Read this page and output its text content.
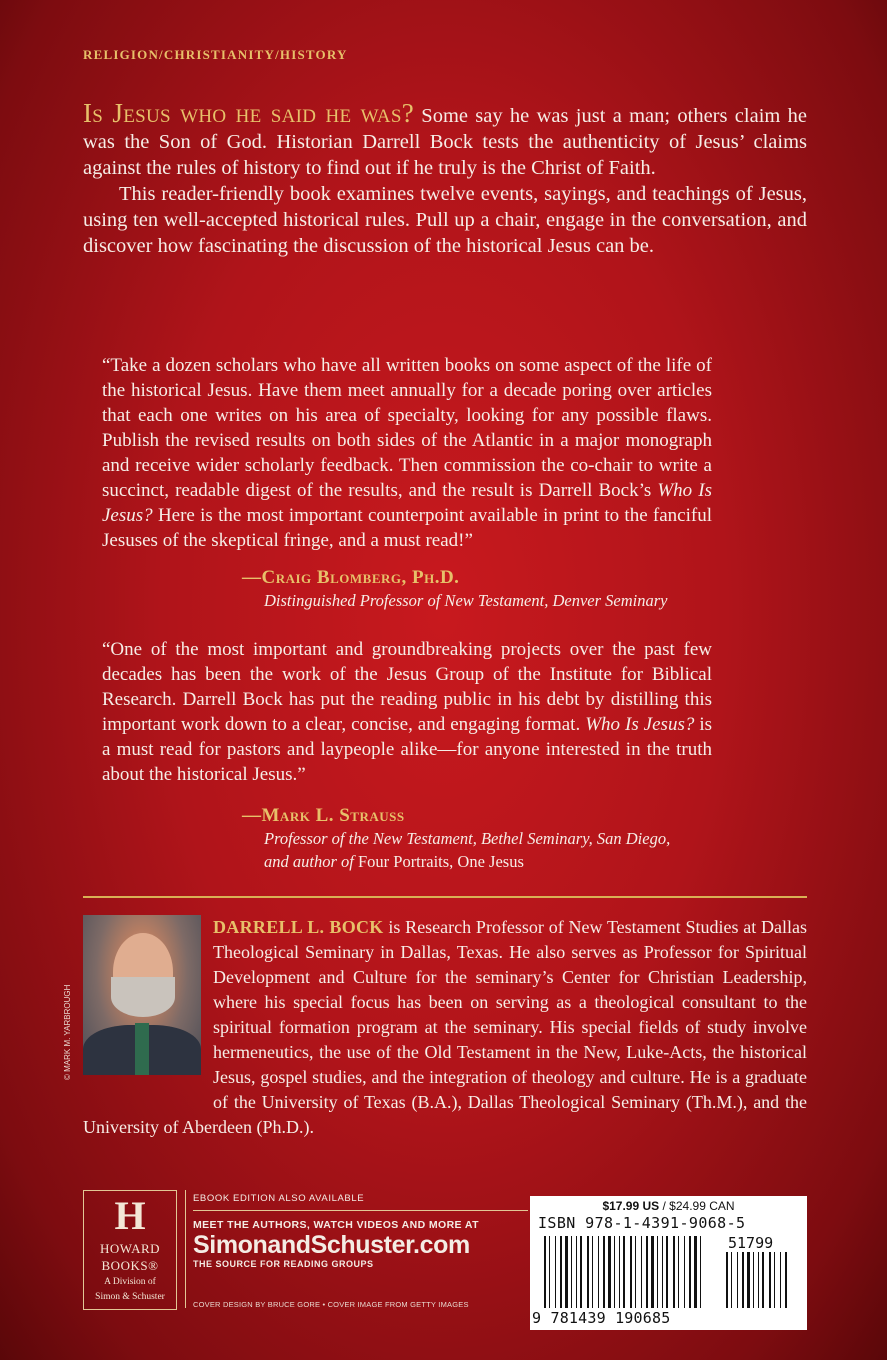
RELIGION/CHRISTIANITY/HISTORY

Is Jesus who he said he was? Some say he was just a man; others claim he was the Son of God. Historian Darrell Bock tests the authenticity of Jesus’ claims against the rules of history to find out if he truly is the Christ of Faith.

This reader-friendly book examines twelve events, sayings, and teachings of Jesus, using ten well-accepted historical rules. Pull up a chair, engage in the conversation, and discover how fascinating the discussion of the historical Jesus can be.

“Take a dozen scholars who have all written books on some aspect of the life of the historical Jesus. Have them meet annually for a decade poring over articles that each one writes on his area of specialty, looking for any possible flaws. Publish the revised results on both sides of the Atlantic in a major monograph and receive wider scholarly feedback. Then commission the co-chair to write a succinct, readable digest of the results, and the result is Darrell Bock’s Who Is Jesus? Here is the most important counterpoint available in print to the fanciful Jesuses of the skeptical fringe, and a must read!”
—Craig Blomberg, Ph.D.
Distinguished Professor of New Testament, Denver Seminary
“One of the most important and groundbreaking projects over the past few decades has been the work of the Jesus Group of the Institute for Biblical Research. Darrell Bock has put the reading public in his debt by distilling this important work down to a clear, concise, and engaging format. Who Is Jesus? is a must read for pastors and laypeople alike—for anyone interested in the truth about the historical Jesus.”
—Mark L. Strauss
Professor of the New Testament, Bethel Seminary, San Diego,
and author of Four Portraits, One Jesus
© MARK M. YARBROUGH
DARRELL L. BOCK is Research Professor of New Testament Studies at Dallas Theological Seminary in Dallas, Texas. He also serves as Professor for Spiritual Development and Culture for the seminary’s Center for Christian Leadership, where his special focus has been on serving as a theological consultant to the spiritual formation program at the seminary. His special fields of study involve hermeneutics, the use of the Old Testament in the New, Luke-Acts, the historical Jesus, gospel studies, and the integration of theology and culture. He is a graduate of the University of Texas (B.A.), Dallas Theological Seminary (Th.M.), and the University of Aberdeen (Ph.D.).
H
HOWARD
BOOKS®
A Division of
Simon & Schuster
EBOOK EDITION ALSO AVAILABLE
MEET THE AUTHORS, WATCH VIDEOS AND MORE AT
SimonandSchuster.com
THE SOURCE FOR READING GROUPS
COVER DESIGN BY BRUCE GORE • COVER IMAGE FROM GETTY IMAGES
$17.99 US / $24.99 CAN
ISBN 978-1-4391-9068-5
51799
9 781439 190685
